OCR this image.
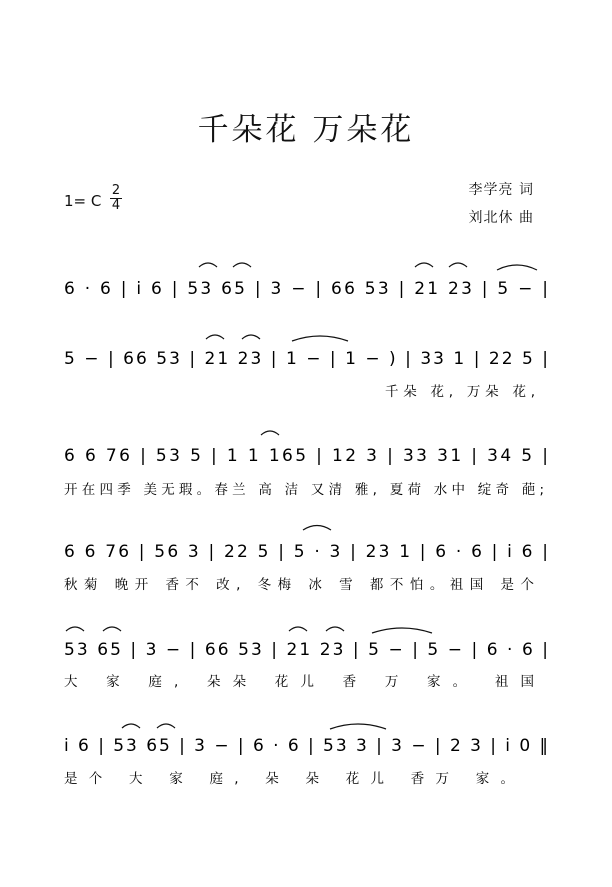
千朵花 万朵花
1= C
2
4
李学亮 词
刘北休 曲
6 · 6 | i 6 | 53 65 | 3 − | 66 53 | 21 23 | 5 − |
5 − | 66 53 | 21 23 | 1 − | 1 − ) | 33 1 | 22 5 |
千朵 花, 万朵 花,
6 6 76 | 53 5 | 1 1 165 | 12 3 | 33 31 | 34 5 |
开在四季 美无瑕。春兰 高 洁 又清 雅, 夏荷 水中 绽奇 葩;
6 6 76 | 56 3 | 22 5 | 5 · 3 | 23 1 | 6 · 6 | i 6 |
秋菊 晚开 香不 改, 冬梅 冰 雪 都不怕。祖国 是个
53 65 | 3 − | 66 53 | 21 23 | 5 − | 5 − | 6 · 6 |
大 家 庭, 朵朵 花儿 香 万 家。 祖国
i 6 | 53 65 | 3 − | 6 · 6 | 53 3 | 3 − | 2 3 | i 0 ‖
是个 大 家 庭, 朵 朵 花儿 香万 家。
